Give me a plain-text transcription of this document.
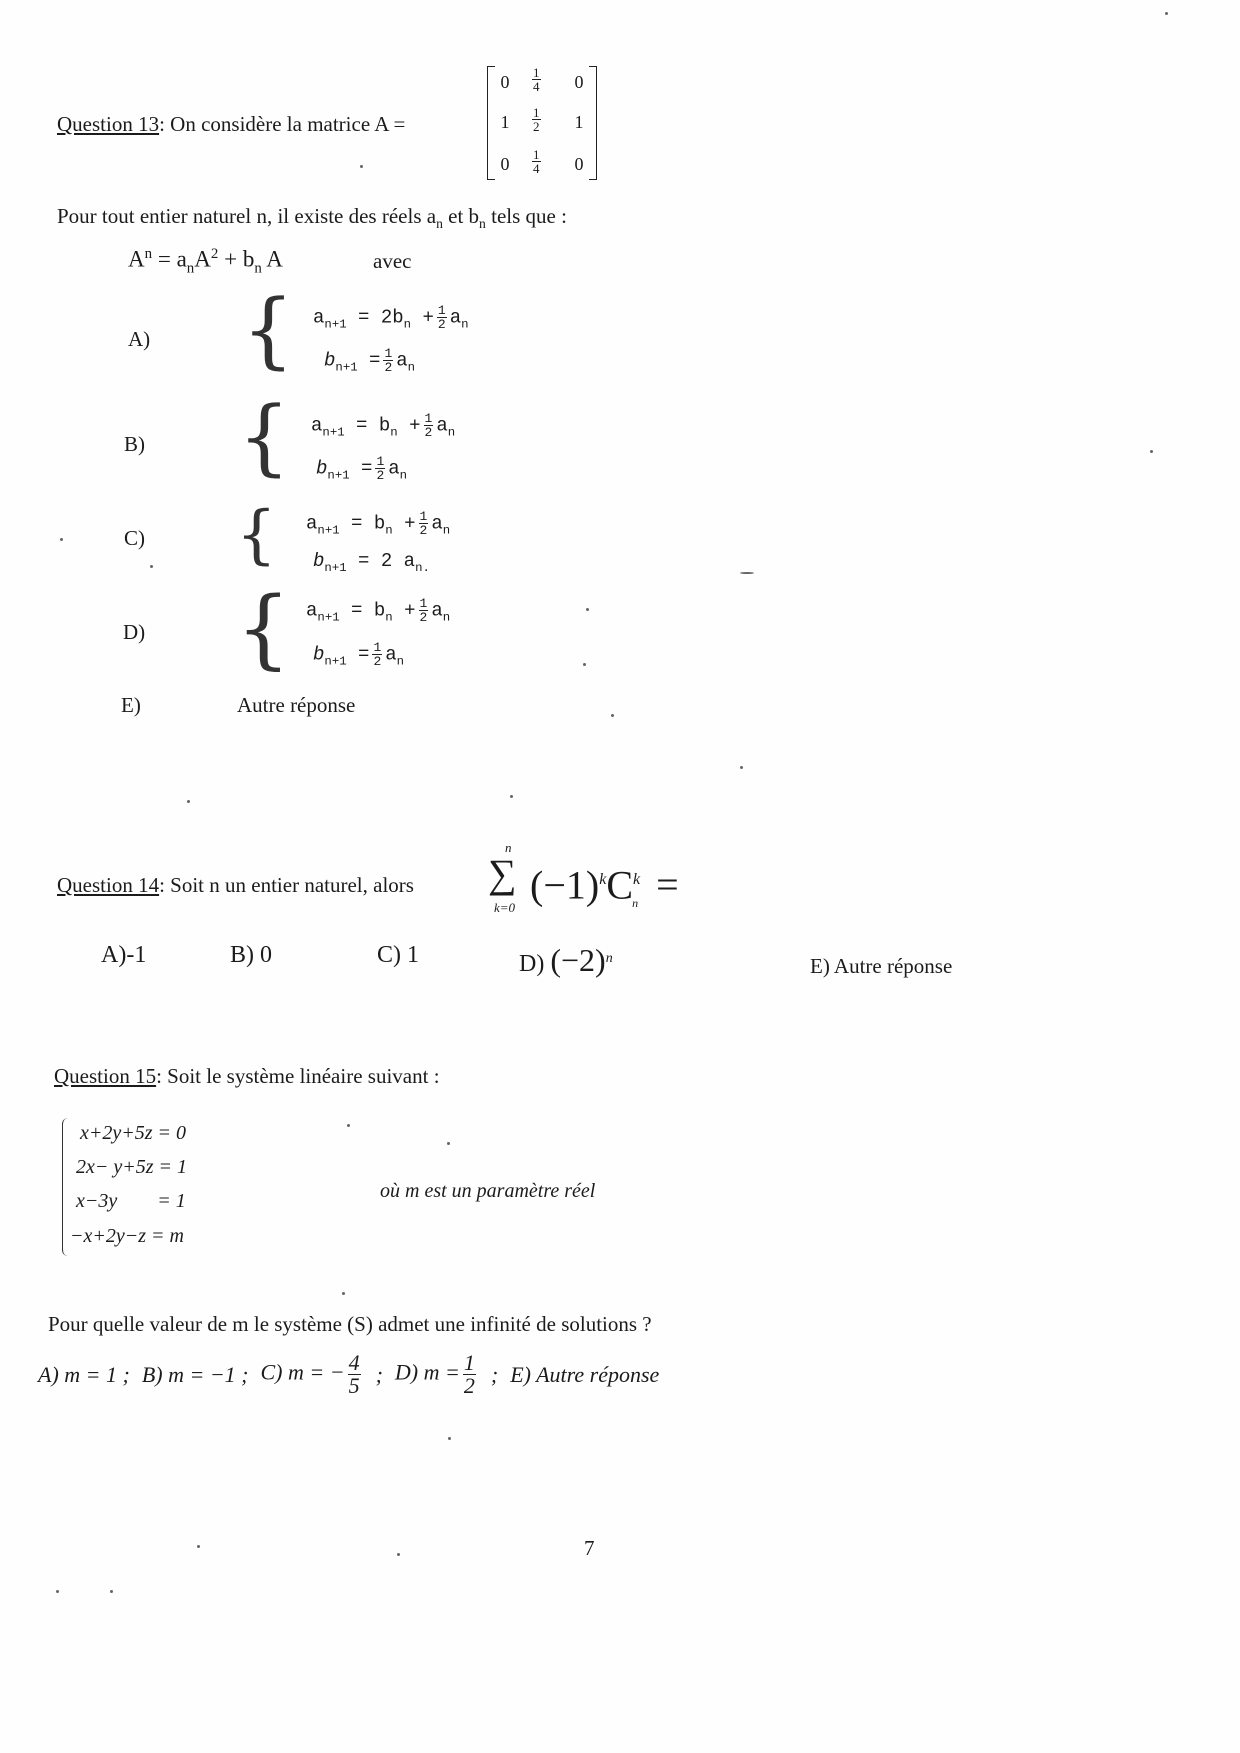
Question 13: On considère la matrice A =
0	$\frac{1}{4}$	0
1	$\frac{1}{2}$	1
0	$\frac{1}{4}$	0
Pour tout entier naturel n, il existe des réels $a_n$ et $b_n$ tels que :
$A^n = a_nA^2 + b_n$ A	avec
A) { $a_{n+1} = 2b_n + \frac{1}{2} a_n$
$b_{n+1} = \frac{1}{2} a_n$
B) { $a_{n+1} = b_n + \frac{1}{2} a_n$
$b_{n+1} = \frac{1}{2} a_n$
C) { $a_{n+1} = b_n + \frac{1}{2} a_n$
$b_{n+1} = 2$ $a_{n.}$
D) { $a_{n+1} = b_n + \frac{1}{2} a_n$
$b_{n+1} = \frac{1}{2} a_n$
E)	Autre réponse
Question 14: Soit n un entier naturel, alors
n
∑
k=0
$(-1)^kC^k_n$ =
A)-1	B) 0	C) 1	D) $(-2)^n$	E) Autre réponse
Question 15: Soit le système linéaire suivant :
x+2y+5z = 0
2x− y+5z = 1
x−3y        = 1
−x+2y−z = m
où m est un paramètre réel
Pour quelle valeur de m le système (S) admet une infinité de solutions ?
A) m = 1 ; B) m = −1 ; C) m = − $\frac{4}{5}$ ; D) $m = \frac{1}{2}$ ; E) Autre réponse
7
